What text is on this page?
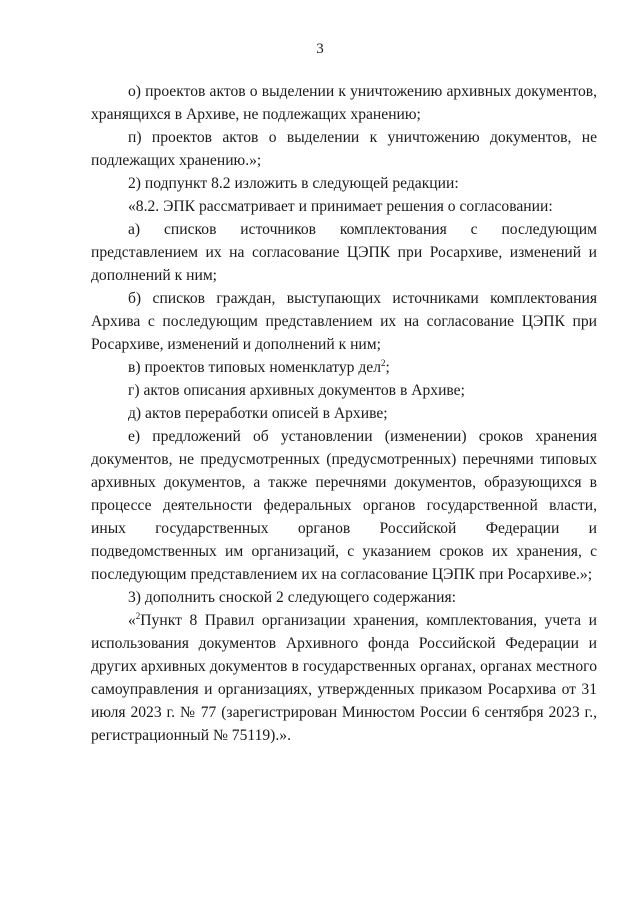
3

о) проектов актов о выделении к уничтожению архивных документов, хранящихся в Архиве, не подлежащих хранению;

п) проектов актов о выделении к уничтожению документов, не подлежащих хранению.»;

2) подпункт 8.2 изложить в следующей редакции:

«8.2. ЭПК рассматривает и принимает решения о согласовании:

а) списков источников комплектования с последующим представлением их на согласование ЦЭПК при Росархиве, изменений и дополнений к ним;

б) списков граждан, выступающих источниками комплектования Архива с последующим представлением их на согласование ЦЭПК при Росархиве, изменений и дополнений к ним;

в) проектов типовых номенклатур дел$^2$;

г) актов описания архивных документов в Архиве;

д) актов переработки описей в Архиве;

е) предложений об установлении (изменении) сроков хранения документов, не предусмотренных (предусмотренных) перечнями типовых архивных документов, а также перечнями документов, образующихся в процессе деятельности федеральных органов государственной власти, иных государственных органов Российской Федерации и подведомственных им организаций, с указанием сроков их хранения, с последующим представлением их на согласование ЦЭПК при Росархиве.»;

3) дополнить сноской 2 следующего содержания:

«$^2$Пункт 8 Правил организации хранения, комплектования, учета и использования документов Архивного фонда Российской Федерации и других архивных документов в государственных органах, органах местного самоуправления и организациях, утвержденных приказом Росархива от 31 июля 2023 г. № 77 (зарегистрирован Минюстом России 6 сентября 2023 г., регистрационный № 75119).».
